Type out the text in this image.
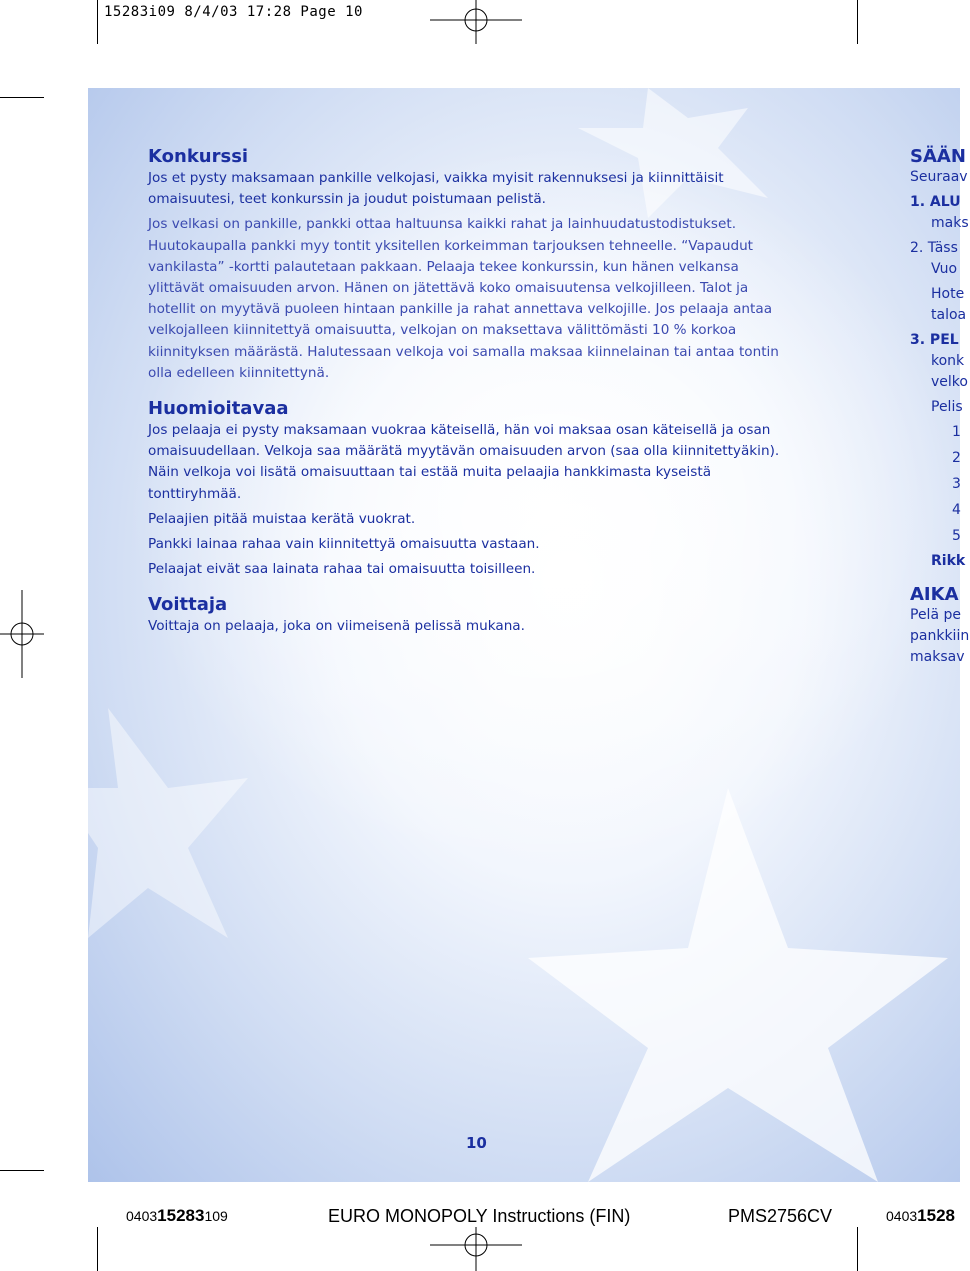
15283i09 8/4/03 17:28 Page 10
Konkurssi

Jos et pysty maksamaan pankille velkojasi, vaikka myisit rakennuksesi ja kiinnittäisit omaisuutesi, teet konkurssin ja joudut poistumaan pelistä.

Jos velkasi on pankille, pankki ottaa haltuunsa kaikki rahat ja lainhuudatustodistukset. Huutokaupalla pankki myy tontit yksitellen korkeimman tarjouksen tehneelle. “Vapaudut vankilasta” -kortti palautetaan pakkaan. Pelaaja tekee konkurssin, kun hänen velkansa ylittävät omaisuuden arvon. Hänen on jätettävä koko omaisuutensa velkojilleen. Talot ja hotellit on myytävä puoleen hintaan pankille ja rahat annettava velkojille. Jos pelaaja antaa velkojalleen kiinnitettyä omaisuutta, velkojan on maksettava välittömästi 10 % korkoa kiinnityksen määrästä. Halutessaan velkoja voi samalla maksaa kiinnelainan tai antaa tontin olla edelleen kiinnitettynä.

Huomioitavaa

Jos pelaaja ei pysty maksamaan vuokraa käteisellä, hän voi maksaa osan käteisellä ja osan omaisuudellaan. Velkoja saa määrätä myytävän omaisuuden arvon (saa olla kiinnitettyäkin). Näin velkoja voi lisätä omaisuuttaan tai estää muita pelaajia hankkimasta kyseistä tonttiryhmää.

Pelaajien pitää muistaa kerätä vuokrat.

Pankki lainaa rahaa vain kiinnitettyä omaisuutta vastaan.

Pelaajat eivät saa lainata rahaa tai omaisuutta toisilleen.

Voittaja

Voittaja on pelaaja, joka on viimeisenä pelissä mukana.

SÄÄN
Seuraav
1. ALU
maks
2. Täss
Vuo
Hote
taloa
3. PEL
konk
velko
Pelis
1
2
3
4
5
Rikk
AIKA
Pelä pe
pankkiin
maksav
10
040315283109	EURO MONOPOLY Instructions (FIN)	PMS2756CV	04031528
